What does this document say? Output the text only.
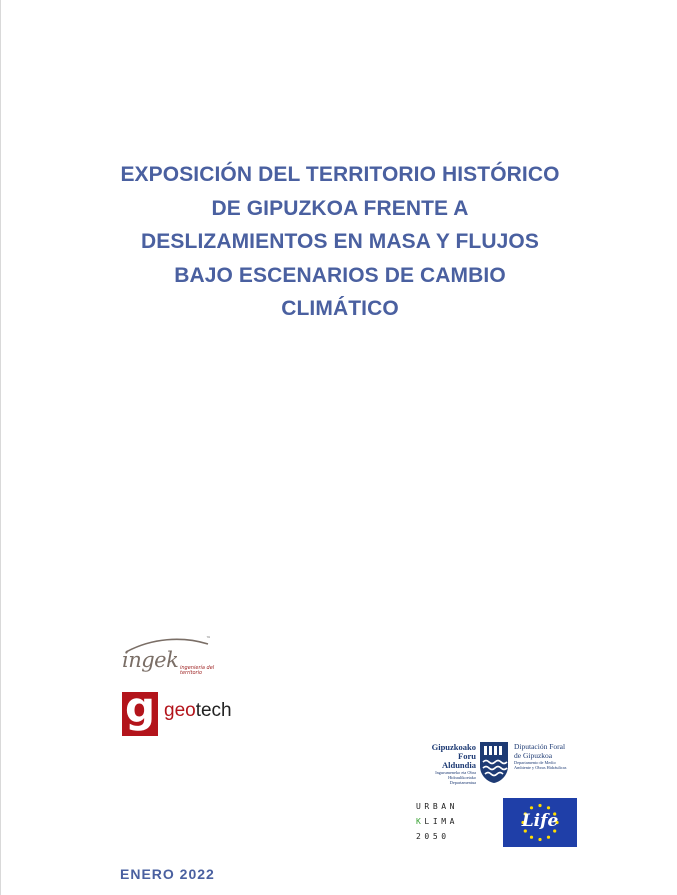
EXPOSICIÓN DEL TERRITORIO HISTÓRICO
DE GIPUZKOA FRENTE A
DESLIZAMIENTOS EN MASA Y FLUJOS
BAJO ESCENARIOS DE CAMBIO
CLIMÁTICO
ingek ingeniería del territorio
™
g geotech
Gipuzkoako
Foru Aldundia
Ingurumeneko eta Obra
Hidraulikoetako Departamentua
Diputación Foral
de Gipuzkoa
Departamento de Medio
Ambiente y Obras Hidráulicas
URBAN
KLIMA
2050
Life
ENERO 2022
